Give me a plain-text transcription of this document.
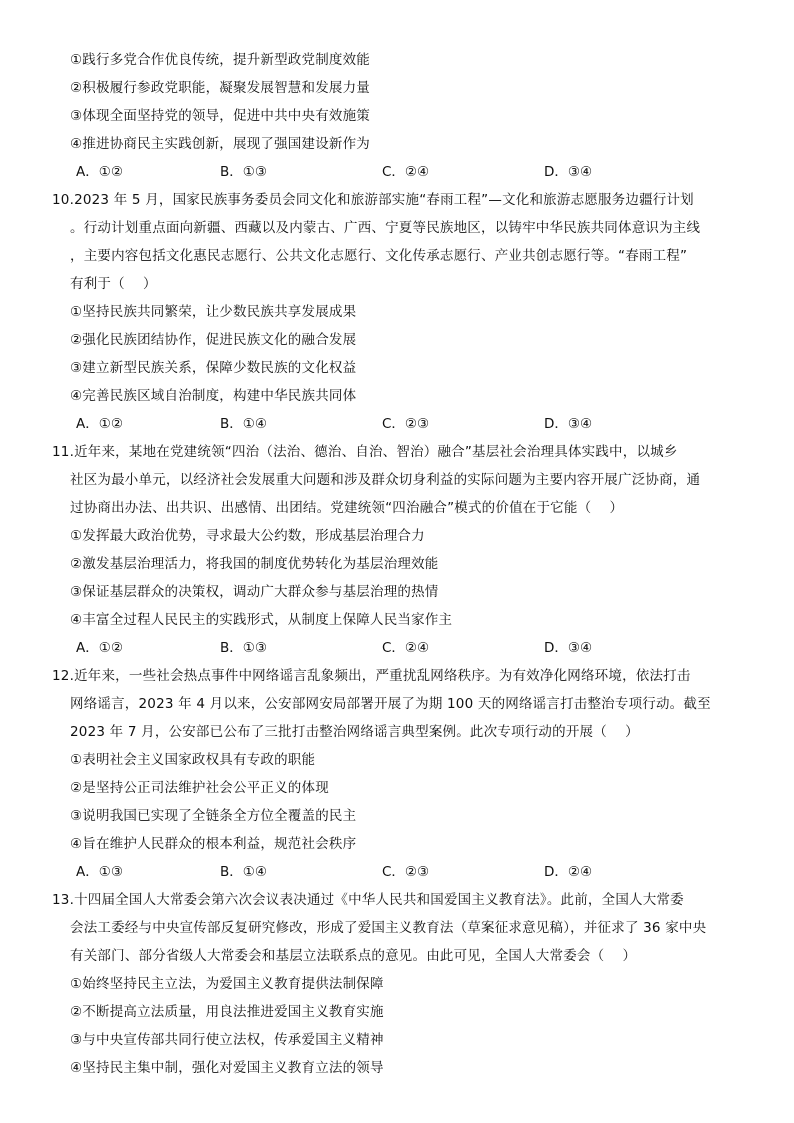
①践行多党合作优良传统，提升新型政党制度效能
②积极履行参政党职能，凝聚发展智慧和发展力量
③体现全面坚持党的领导，促进中共中央有效施策
④推进协商民主实践创新，展现了强国建设新作为
A．①②	B．①③	C．②④	D．③④
10.2023 年 5 月，国家民族事务委员会同文化和旅游部实施“春雨工程”—文化和旅游志愿服务边疆行计划
。行动计划重点面向新疆、西藏以及内蒙古、广西、宁夏等民族地区，以铸牢中华民族共同体意识为主线
，主要内容包括文化惠民志愿行、公共文化志愿行、文化传承志愿行、产业共创志愿行等。“春雨工程”
有利于（　 ）
①坚持民族共同繁荣，让少数民族共享发展成果
②强化民族团结协作，促进民族文化的融合发展
③建立新型民族关系，保障少数民族的文化权益
④完善民族区域自治制度，构建中华民族共同体
A．①②	B．①④	C．②③	D．③④
11.近年来，某地在党建统领“四治（法治、德治、自治、智治）融合”基层社会治理具体实践中，以城乡
社区为最小单元，以经济社会发展重大问题和涉及群众切身利益的实际问题为主要内容开展广泛协商，通
过协商出办法、出共识、出感情、出团结。党建统领“四治融合”模式的价值在于它能（　 ）
①发挥最大政治优势，寻求最大公约数，形成基层治理合力
②激发基层治理活力，将我国的制度优势转化为基层治理效能
③保证基层群众的决策权，调动广大群众参与基层治理的热情
④丰富全过程人民民主的实践形式，从制度上保障人民当家作主
A．①②	B．①③	C．②④	D．③④
12.近年来，一些社会热点事件中网络谣言乱象频出，严重扰乱网络秩序。为有效净化网络环境，依法打击
网络谣言，2023 年 4 月以来，公安部网安局部署开展了为期 100 天的网络谣言打击整治专项行动。截至
2023 年 7 月，公安部已公布了三批打击整治网络谣言典型案例。此次专项行动的开展（　 ）
①表明社会主义国家政权具有专政的职能
②是坚持公正司法维护社会公平正义的体现
③说明我国已实现了全链条全方位全覆盖的民主
④旨在维护人民群众的根本利益，规范社会秩序
A．①③	B．①④	C．②③	D．②④
13.十四届全国人大常委会第六次会议表决通过《中华人民共和国爱国主义教育法》。此前，全国人大常委
会法工委经与中央宣传部反复研究修改，形成了爱国主义教育法（草案征求意见稿），并征求了 36 家中央
有关部门、部分省级人大常委会和基层立法联系点的意见。由此可见，全国人大常委会（　 ）
①始终坚持民主立法，为爱国主义教育提供法制保障
②不断提高立法质量，用良法推进爱国主义教育实施
③与中央宣传部共同行使立法权，传承爱国主义精神
④坚持民主集中制，强化对爱国主义教育立法的领导
